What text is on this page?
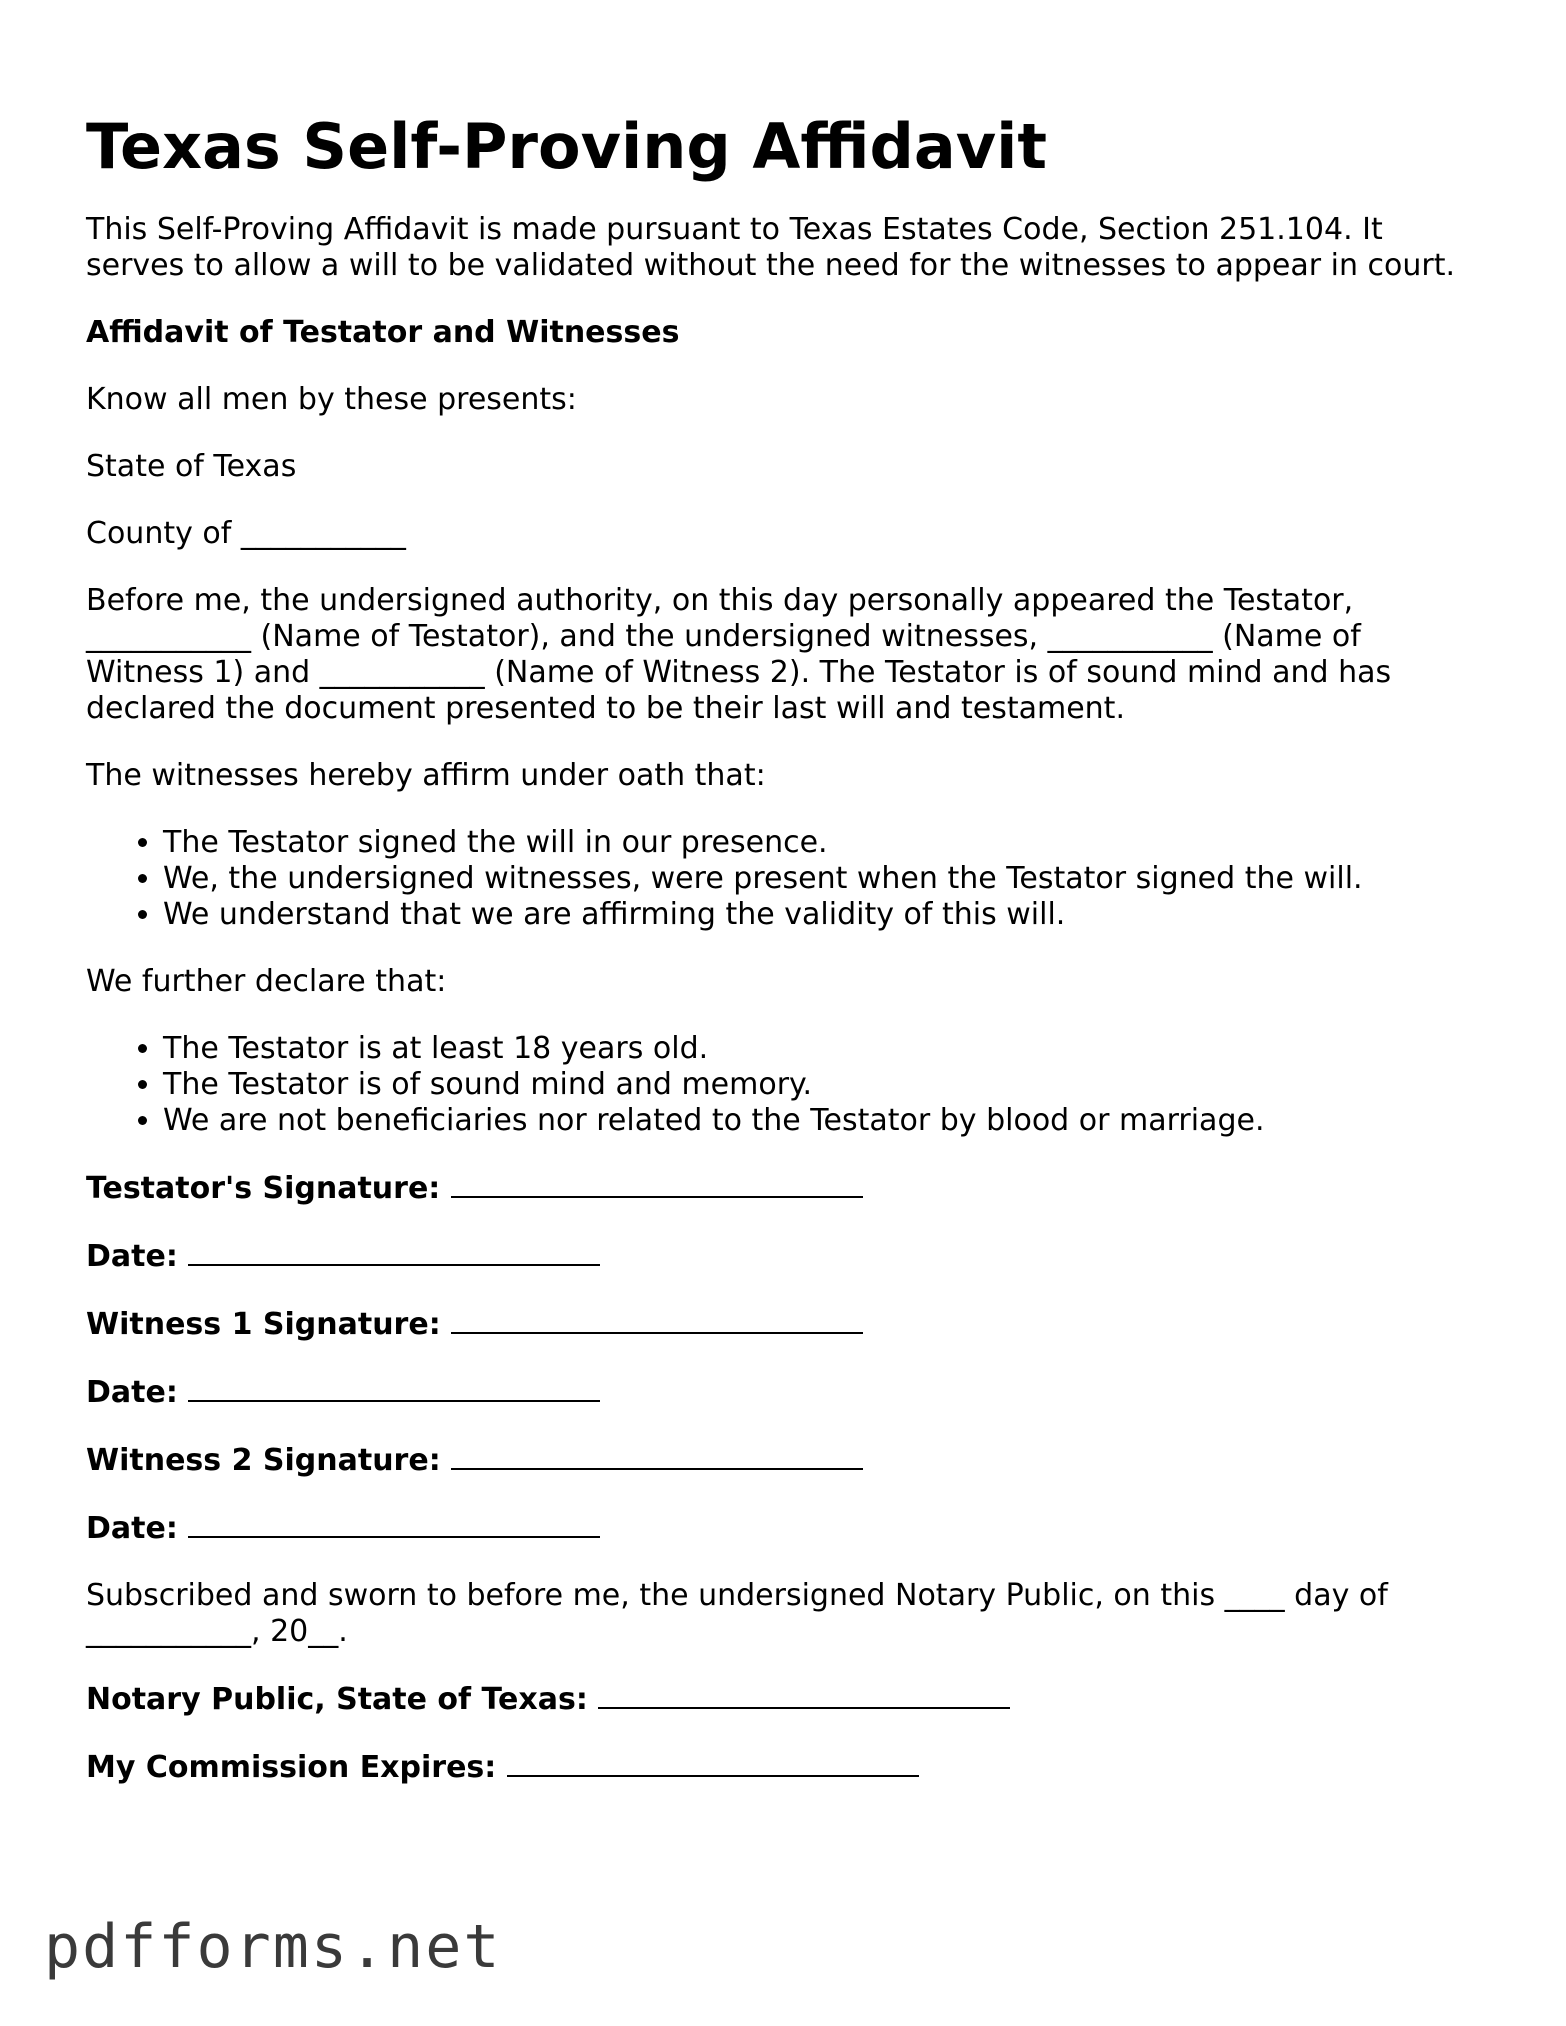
Texas Self-Proving Affidavit

This Self-Proving Affidavit is made pursuant to Texas Estates Code, Section 251.104. It serves to allow a will to be validated without the need for the witnesses to appear in court.

Affidavit of Testator and Witnesses

Know all men by these presents:

State of Texas

County of ___________

Before me, the undersigned authority, on this day personally appeared the Testator, ___________ (Name of Testator), and the undersigned witnesses, ___________ (Name of Witness 1) and ___________ (Name of Witness 2). The Testator is of sound mind and has declared the document presented to be their last will and testament.

The witnesses hereby affirm under oath that:

• The Testator signed the will in our presence.
• We, the undersigned witnesses, were present when the Testator signed the will.
• We understand that we are affirming the validity of this will.

We further declare that:

• The Testator is at least 18 years old.
• The Testator is of sound mind and memory.
• We are not beneficiaries nor related to the Testator by blood or marriage.

Testator's Signature:

Date:

Witness 1 Signature:

Date:

Witness 2 Signature:

Date:

Subscribed and sworn to before me, the undersigned Notary Public, on this ____ day of ___________, 20__.

Notary Public, State of Texas:

My Commission Expires:

pdfforms.net
